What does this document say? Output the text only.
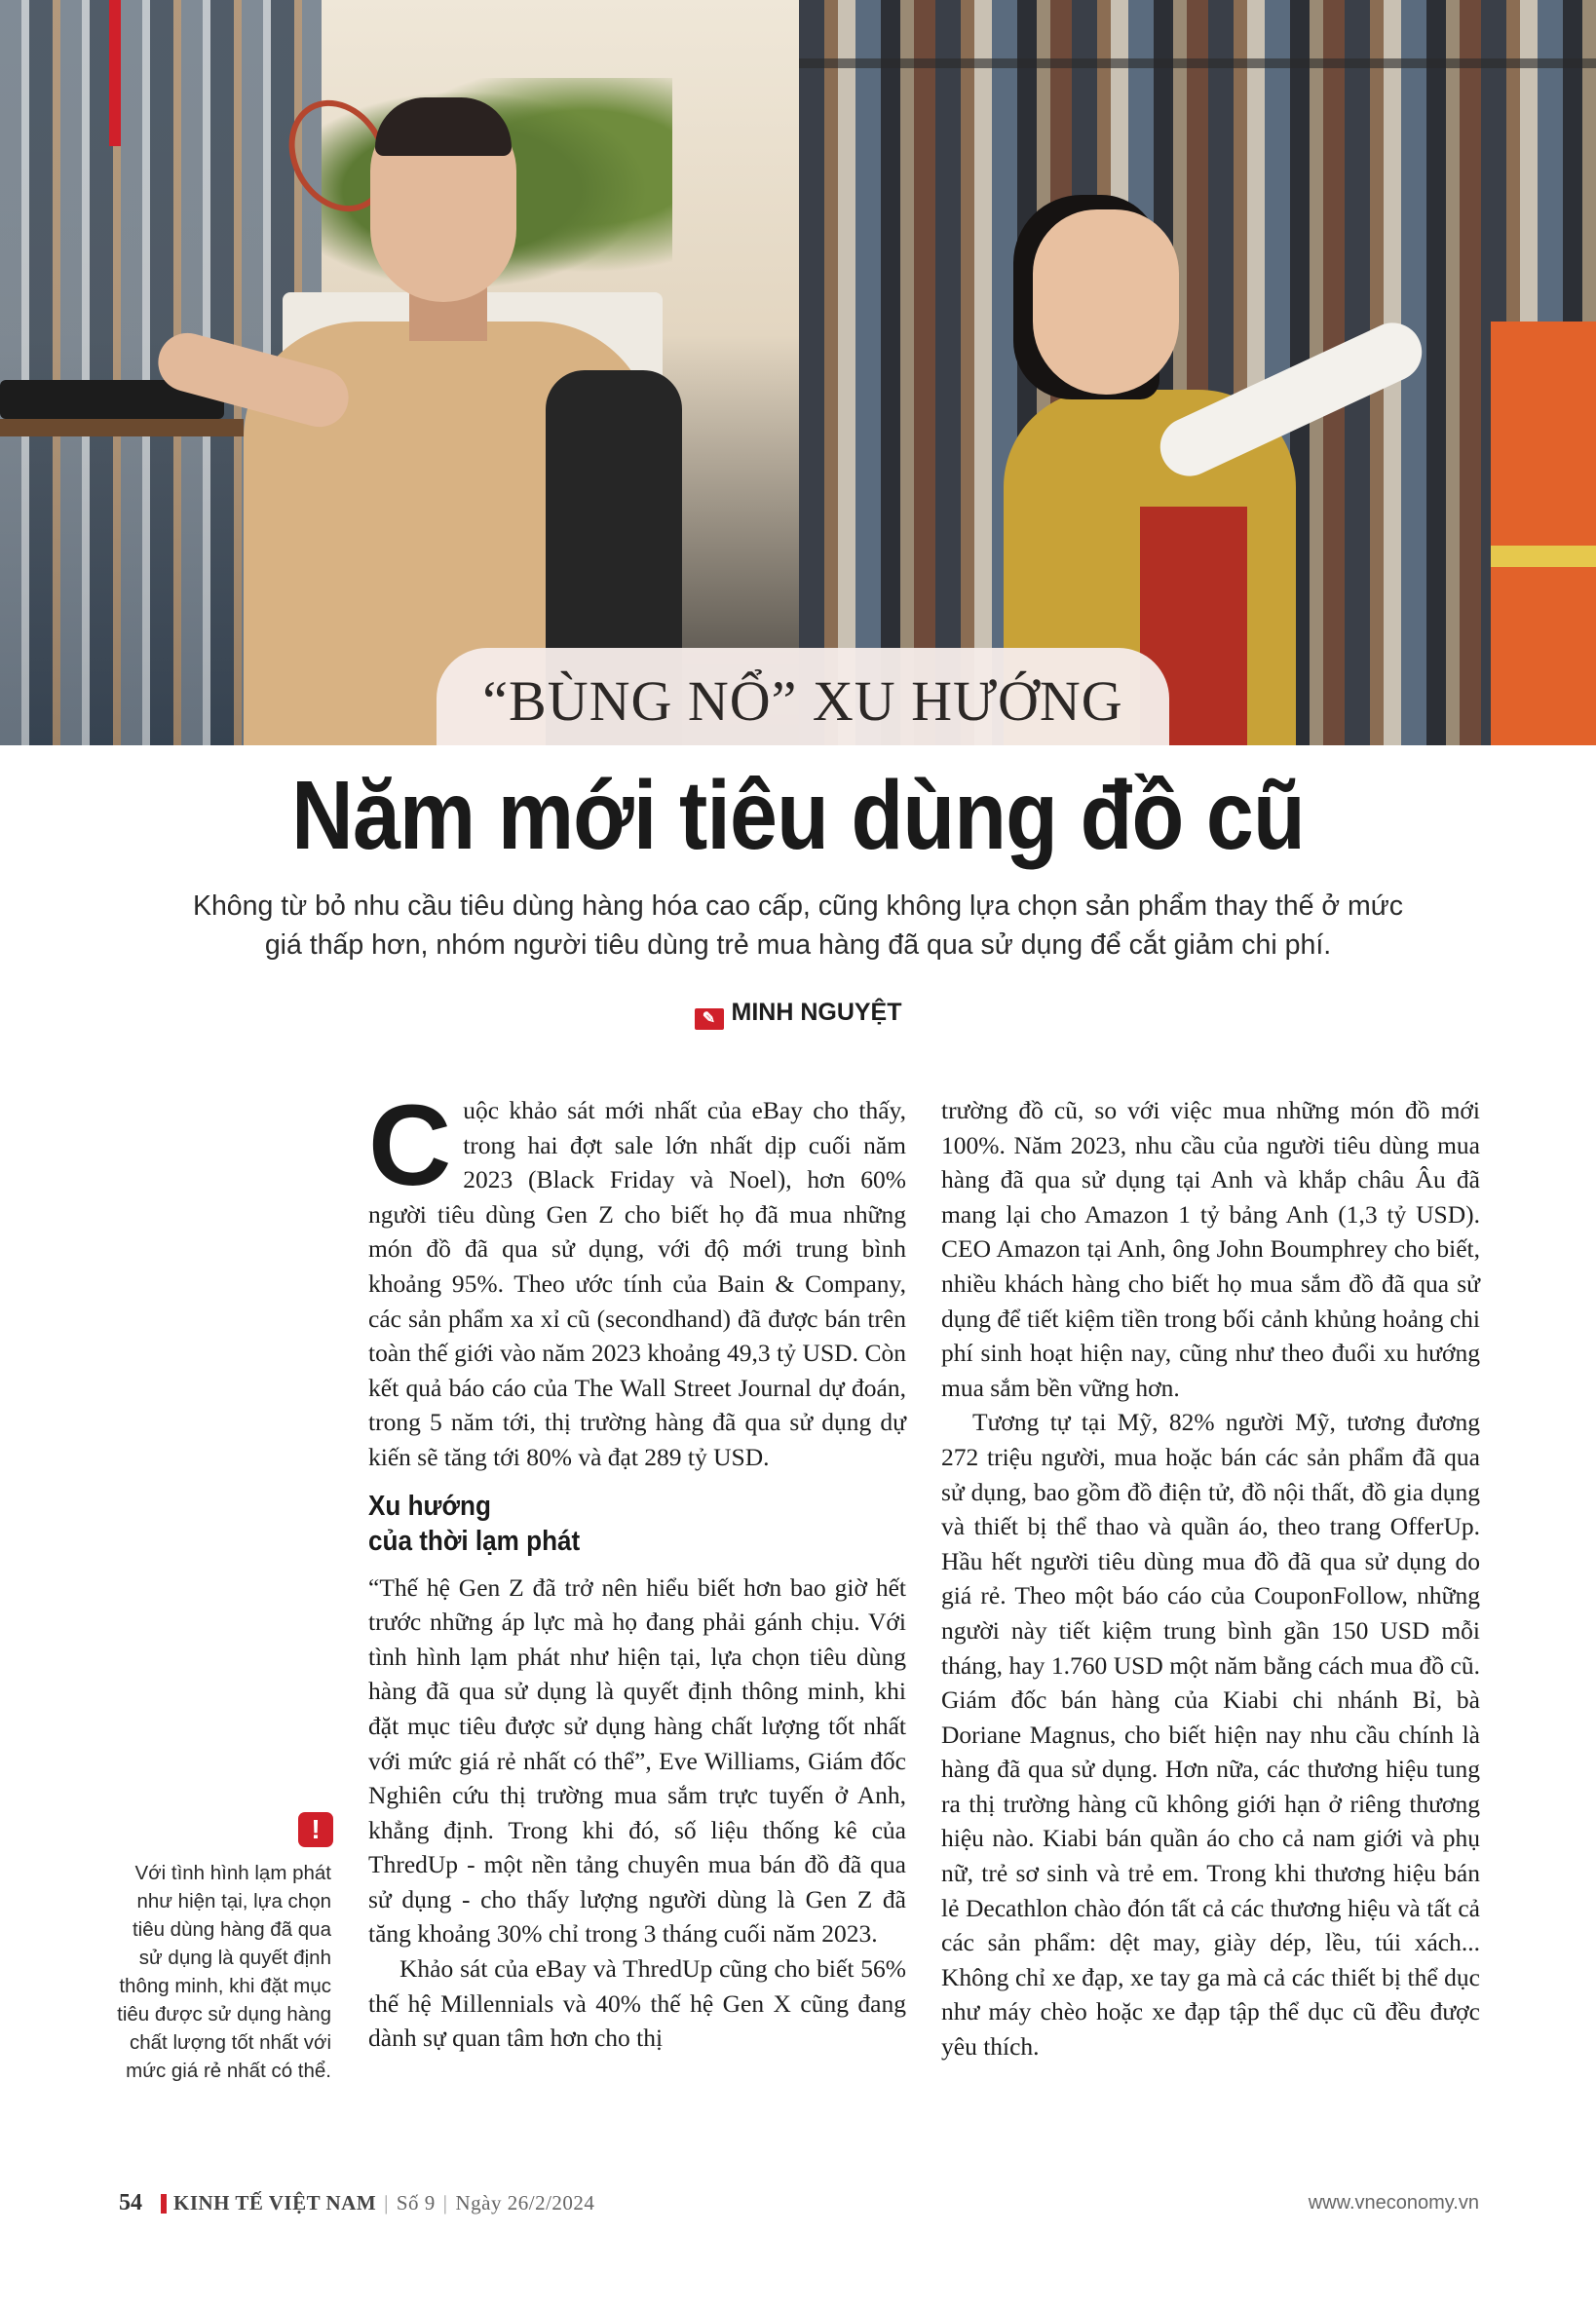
“BÙNG NỔ” XU HƯỚNG
Năm mới tiêu dùng đồ cũ

Không từ bỏ nhu cầu tiêu dùng hàng hóa cao cấp, cũng không lựa chọn sản phẩm thay thế ở mức giá thấp hơn, nhóm người tiêu dùng trẻ mua hàng đã qua sử dụng để cắt giảm chi phí.

✎ MINH NGUYỆT
C uộc khảo sát mới nhất của eBay cho thấy, trong hai đợt sale lớn nhất dịp cuối năm 2023 (Black Friday và Noel), hơn 60% người tiêu dùng Gen Z cho biết họ đã mua những món đồ đã qua sử dụng, với độ mới trung bình khoảng 95%. Theo ước tính của Bain & Company, các sản phẩm xa xỉ cũ (secondhand) đã được bán trên toàn thế giới vào năm 2023 khoảng 49,3 tỷ USD. Còn kết quả báo cáo của The Wall Street Journal dự đoán, trong 5 năm tới, thị trường hàng đã qua sử dụng dự kiến sẽ tăng tới 80% và đạt 289 tỷ USD.

Xu hướng
của thời lạm phát

“Thế hệ Gen Z đã trở nên hiểu biết hơn bao giờ hết trước những áp lực mà họ đang phải gánh chịu. Với tình hình lạm phát như hiện tại, lựa chọn tiêu dùng hàng đã qua sử dụng là quyết định thông minh, khi đặt mục tiêu được sử dụng hàng chất lượng tốt nhất với mức giá rẻ nhất có thể”, Eve Williams, Giám đốc Nghiên cứu thị trường mua sắm trực tuyến ở Anh, khẳng định. Trong khi đó, số liệu thống kê của ThredUp - một nền tảng chuyên mua bán đồ đã qua sử dụng - cho thấy lượng người dùng là Gen Z đã tăng khoảng 30% chỉ trong 3 tháng cuối năm 2023.

Khảo sát của eBay và ThredUp cũng cho biết 56% thế hệ Millennials và 40% thế hệ Gen X cũng đang dành sự quan tâm hơn cho thị

trường đồ cũ, so với việc mua những món đồ mới 100%. Năm 2023, nhu cầu của người tiêu dùng mua hàng đã qua sử dụng tại Anh và khắp châu Âu đã mang lại cho Amazon 1 tỷ bảng Anh (1,3 tỷ USD). CEO Amazon tại Anh, ông John Boumphrey cho biết, nhiều khách hàng cho biết họ mua sắm đồ đã qua sử dụng để tiết kiệm tiền trong bối cảnh khủng hoảng chi phí sinh hoạt hiện nay, cũng như theo đuổi xu hướng mua sắm bền vững hơn.

Tương tự tại Mỹ, 82% người Mỹ, tương đương 272 triệu người, mua hoặc bán các sản phẩm đã qua sử dụng, bao gồm đồ điện tử, đồ nội thất, đồ gia dụng và thiết bị thể thao và quần áo, theo trang OfferUp. Hầu hết người tiêu dùng mua đồ đã qua sử dụng do giá rẻ. Theo một báo cáo của CouponFollow, những người này tiết kiệm trung bình gần 150 USD mỗi tháng, hay 1.760 USD một năm bằng cách mua đồ cũ. Giám đốc bán hàng của Kiabi chi nhánh Bỉ, bà Doriane Magnus, cho biết hiện nay nhu cầu chính là hàng đã qua sử dụng. Hơn nữa, các thương hiệu tung ra thị trường hàng cũ không giới hạn ở riêng thương hiệu nào. Kiabi bán quần áo cho cả nam giới và phụ nữ, trẻ sơ sinh và trẻ em. Trong khi thương hiệu bán lẻ Decathlon chào đón tất cả các thương hiệu và tất cả các sản phẩm: dệt may, giày dép, lều, túi xách... Không chỉ xe đạp, xe tay ga mà cả các thiết bị thể dục như máy chèo hoặc xe đạp tập thể dục cũ đều được yêu thích.

!

Với tình hình lạm phát như hiện tại, lựa chọn tiêu dùng hàng đã qua sử dụng là quyết định thông minh, khi đặt mục tiêu được sử dụng hàng chất lượng tốt nhất với mức giá rẻ nhất có thể.

54 KINH TẾ VIỆT NAM | Số 9 | Ngày 26/2/2024	www.vneconomy.vn
